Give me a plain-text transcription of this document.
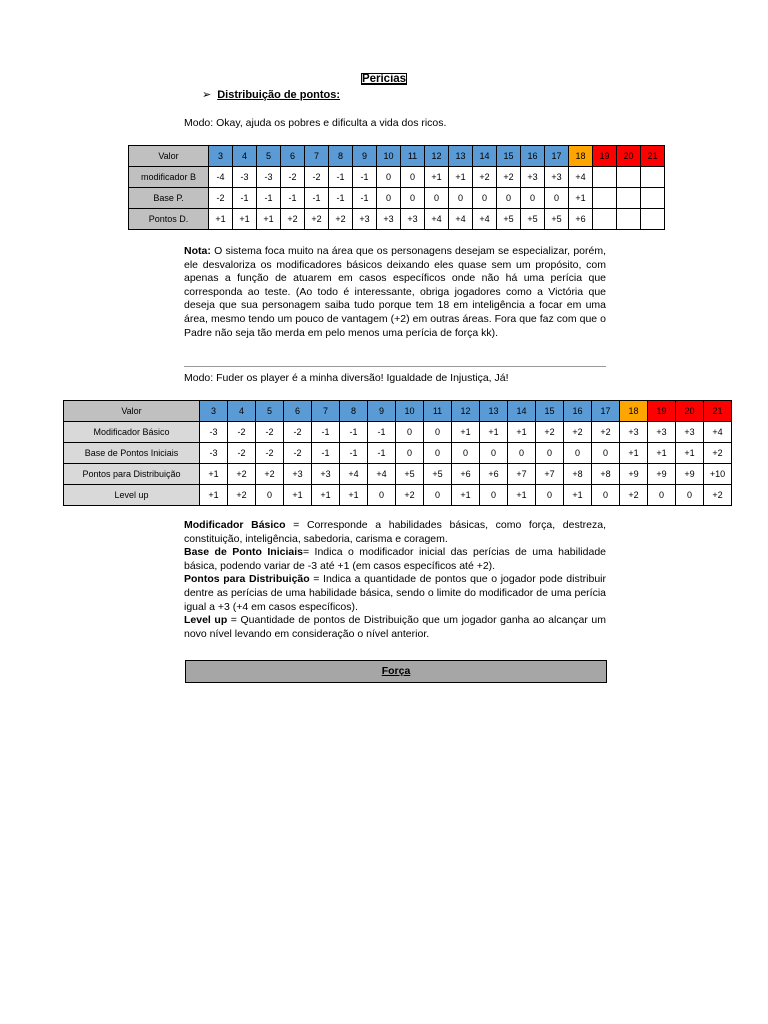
Perícias
➢ Distribuição de pontos:
Modo: Okay, ajuda os pobres e dificulta a vida dos ricos.
Valor	3	4	5	6	7	8	9	10	11	12	13	14	15	16	17	18	19	20	21
modificador B	-4	-3	-3	-2	-2	-1	-1	0	0	+1	+1	+2	+2	+3	+3	+4			
Base P.	-2	-1	-1	-1	-1	-1	-1	0	0	0	0	0	0	0	0	+1			
Pontos D.	+1	+1	+1	+2	+2	+2	+3	+3	+3	+4	+4	+4	+5	+5	+5	+6			
Nota: O sistema foca muito na área que os personagens desejam se especializar, porém, ele desvaloriza os modificadores básicos deixando eles quase sem um propósito, com apenas a função de atuarem em casos específicos onde não há uma perícia que corresponda ao teste. (Ao todo é interessante, obriga jogadores como a Victória que deseja que sua personagem saiba tudo porque tem 18 em inteligência a focar em uma área, mesmo tendo um pouco de vantagem (+2) em outras áreas. Fora que faz com que o Padre não seja tão merda em pelo menos uma perícia de força kk).
Modo: Fuder os player é a minha diversão! Igualdade de Injustiça, Já!
Valor	3	4	5	6	7	8	9	10	11	12	13	14	15	16	17	18	19	20	21
Modificador Básico	-3	-2	-2	-2	-1	-1	-1	0	0	+1	+1	+1	+2	+2	+2	+3	+3	+3	+4
Base de Pontos Iniciais	-3	-2	-2	-2	-1	-1	-1	0	0	0	0	0	0	0	0	+1	+1	+1	+2
Pontos para Distribuição	+1	+2	+2	+3	+3	+4	+4	+5	+5	+6	+6	+7	+7	+8	+8	+9	+9	+9	+10
Level up	+1	+2	0	+1	+1	+1	0	+2	0	+1	0	+1	0	+1	0	+2	0	0	+2
Modificador Básico = Corresponde a habilidades básicas, como força, destreza, constituição, inteligência, sabedoria, carisma e coragem.
Base de Ponto Iniciais= Indica o modificador inicial das perícias de uma habilidade básica, podendo variar de -3 até +1 (em casos específicos até +2).
Pontos para Distribuição = Indica a quantidade de pontos que o jogador pode distribuir dentre as perícias de uma habilidade básica, sendo o limite do modificador de uma perícia igual a +3 (+4 em casos específicos).
Level up = Quantidade de pontos de Distribuição que um jogador ganha ao alcançar um novo nível levando em consideração o nível anterior.
Força
